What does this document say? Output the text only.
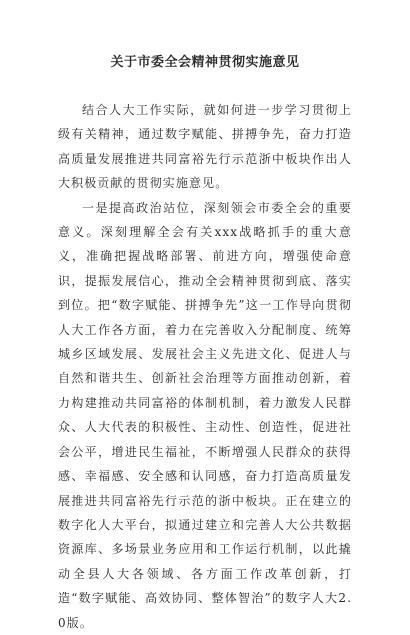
关于市委全会精神贯彻实施意见

结合人大工作实际，就如何进一步学习贯彻上级有关精神，通过数字赋能、拼搏争先，奋力打造高质量发展推进共同富裕先行示范浙中板块作出人大积极贡献的贯彻实施意见。

一是提高政治站位，深刻领会市委全会的重要意义。深刻理解全会有关xxx战略抓手的重大意义，准确把握战略部署、前进方向，增强使命意识，提振发展信心，推动全会精神贯彻到底、落实到位。把“数字赋能、拼搏争先”这一工作导向贯彻人大工作各方面，着力在完善收入分配制度、统筹城乡区域发展、发展社会主义先进文化、促进人与自然和谐共生、创新社会治理等方面推动创新，着力构建推动共同富裕的体制机制，着力激发人民群众、人大代表的积极性、主动性、创造性，促进社会公平，增进民生福祉，不断增强人民群众的获得感、幸福感、安全感和认同感，奋力打造高质量发展推进共同富裕先行示范的浙中板块。正在建立的数字化人大平台，拟通过建立和完善人大公共数据资源库、多场景业务应用和工作运行机制，以此撬动全县人大各领域、各方面工作改革创新，打造“数字赋能、高效协同、整体智治”的数字人大2.0版。
